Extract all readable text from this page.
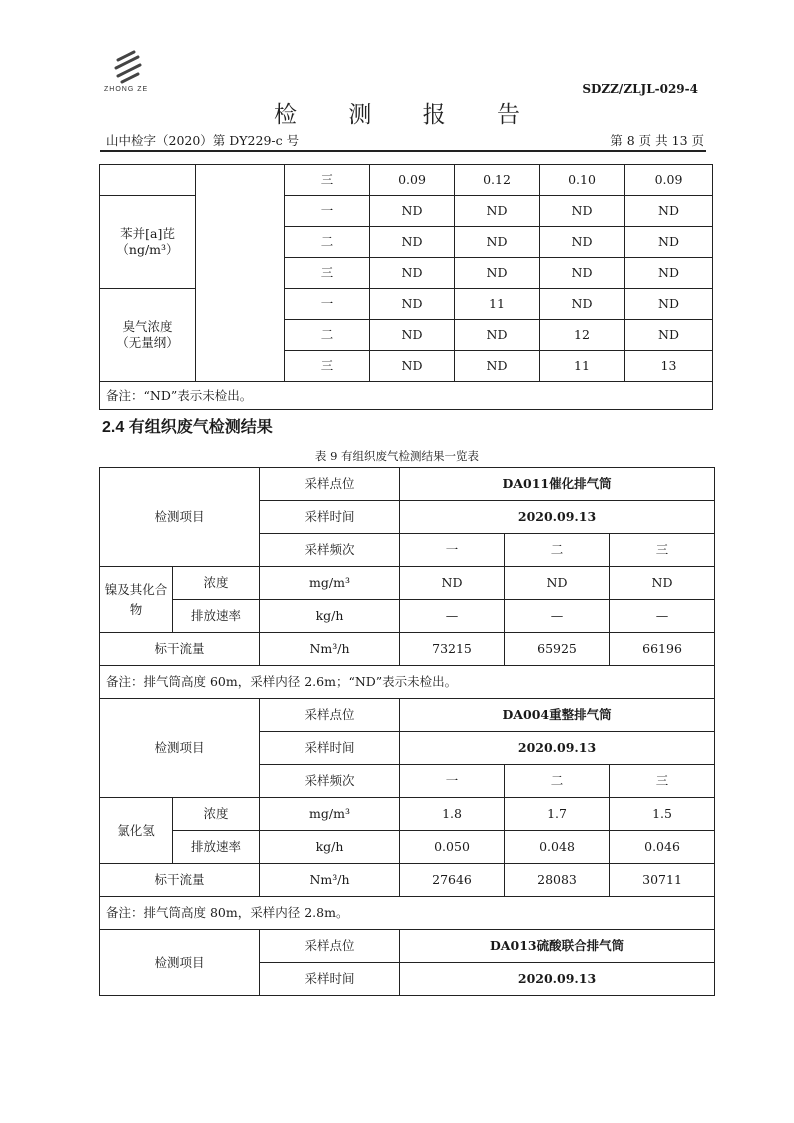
ZHONG ZE	SDZZ/ZLJL-029-4
检 测 报 告
山中检字（2020）第 DY229-c 号	第 8 页 共 13 页
		三	0.09	0.12	0.10	0.09

苯并[a]芘
（ng/m³）		一	ND	ND	ND	ND
		二	ND	ND	ND	ND
		三	ND	ND	ND	ND

臭气浓度
（无量纲）		一	ND	11	ND	ND
		二	ND	ND	12	ND
		三	ND	ND	11	13
备注：“ND”表示未检出。						
2.4 有组织废气检测结果
表 9 有组织废气检测结果一览表
检测项目		采样点位	DA011催化排气筒		
		采样时间	2020.09.13		
		采样频次	一	二	三

镍及其化合物	浓度	mg/m³	ND	ND	ND
	排放速率	kg/h	—	—	—
标干流量		Nm³/h	73215	65925	66196
备注：排气筒高度 60m，采样内径 2.6m；“ND”表示未检出。					
检测项目		采样点位	DA004重整排气筒		
		采样时间	2020.09.13		
		采样频次	一	二	三
氯化氢	浓度	mg/m³	1.8	1.7	1.5
	排放速率	kg/h	0.050	0.048	0.046
标干流量		Nm³/h	27646	28083	30711
备注：排气筒高度 80m，采样内径 2.8m。					
检测项目		采样点位	DA013硫酸联合排气筒		
		采样时间	2020.09.13		
